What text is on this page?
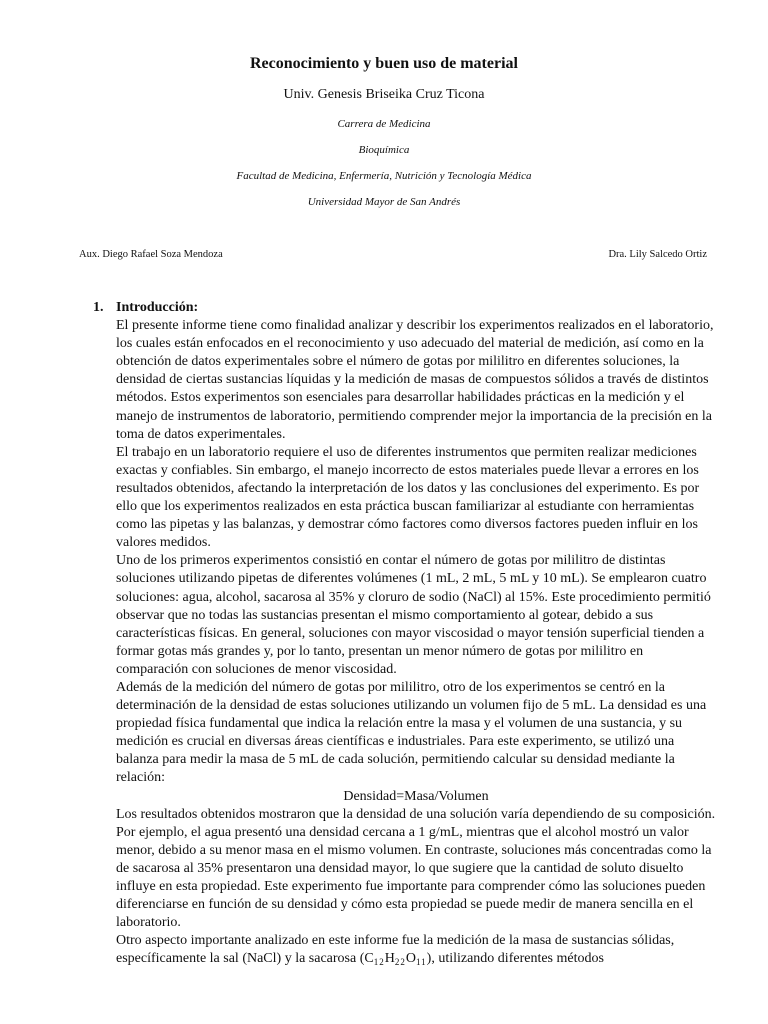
Reconocimiento y buen uso de material
Univ. Genesis Briseika Cruz Ticona
Carrera de Medicina
Bioquímica
Facultad de Medicina, Enfermería, Nutrición y Tecnología Médica
Universidad Mayor de San Andrés
Aux. Diego Rafael Soza Mendoza	Dra. Lily Salcedo Ortiz
1. Introducción:

El presente informe tiene como finalidad analizar y describir los experimentos realizados en el laboratorio, los cuales están enfocados en el reconocimiento y uso adecuado del material de medición, así como en la obtención de datos experimentales sobre el número de gotas por mililitro en diferentes soluciones, la densidad de ciertas sustancias líquidas y la medición de masas de compuestos sólidos a través de distintos métodos. Estos experimentos son esenciales para desarrollar habilidades prácticas en la medición y el manejo de instrumentos de laboratorio, permitiendo comprender mejor la importancia de la precisión en la toma de datos experimentales.

El trabajo en un laboratorio requiere el uso de diferentes instrumentos que permiten realizar mediciones exactas y confiables. Sin embargo, el manejo incorrecto de estos materiales puede llevar a errores en los resultados obtenidos, afectando la interpretación de los datos y las conclusiones del experimento. Es por ello que los experimentos realizados en esta práctica buscan familiarizar al estudiante con herramientas como las pipetas y las balanzas, y demostrar cómo factores como diversos factores pueden influir en los valores medidos.

Uno de los primeros experimentos consistió en contar el número de gotas por mililitro de distintas soluciones utilizando pipetas de diferentes volúmenes (1 mL, 2 mL, 5 mL y 10 mL). Se emplearon cuatro soluciones: agua, alcohol, sacarosa al 35% y cloruro de sodio (NaCl) al 15%. Este procedimiento permitió observar que no todas las sustancias presentan el mismo comportamiento al gotear, debido a sus características físicas. En general, soluciones con mayor viscosidad o mayor tensión superficial tienden a formar gotas más grandes y, por lo tanto, presentan un menor número de gotas por mililitro en comparación con soluciones de menor viscosidad.

Además de la medición del número de gotas por mililitro, otro de los experimentos se centró en la determinación de la densidad de estas soluciones utilizando un volumen fijo de 5 mL. La densidad es una propiedad física fundamental que indica la relación entre la masa y el volumen de una sustancia, y su medición es crucial en diversas áreas científicas e industriales. Para este experimento, se utilizó una balanza para medir la masa de 5 mL de cada solución, permitiendo calcular su densidad mediante la relación:

Densidad=Masa/Volumen

Los resultados obtenidos mostraron que la densidad de una solución varía dependiendo de su composición. Por ejemplo, el agua presentó una densidad cercana a 1 g/mL, mientras que el alcohol mostró un valor menor, debido a su menor masa en el mismo volumen. En contraste, soluciones más concentradas como la de sacarosa al 35% presentaron una densidad mayor, lo que sugiere que la cantidad de soluto disuelto influye en esta propiedad. Este experimento fue importante para comprender cómo las soluciones pueden diferenciarse en función de su densidad y cómo esta propiedad se puede medir de manera sencilla en el laboratorio.

Otro aspecto importante analizado en este informe fue la medición de la masa de sustancias sólidas, específicamente la sal (NaCl) y la sacarosa $(C_{12}H_{22}O_{11})$, utilizando diferentes métodos
